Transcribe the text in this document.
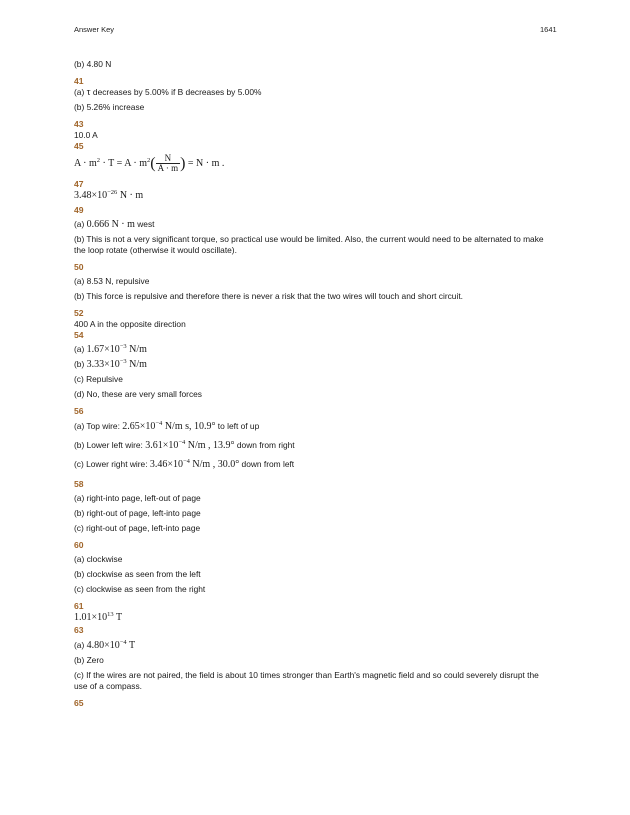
Answer Key	1641
(b) 4.80 N
41
(a) τ decreases by 5.00% if B decreases by 5.00%
(b) 5.26% increase
43
10.0 A
45
$A \cdot m^2 \cdot T = A \cdot m^2( \frac{N}{A \cdot m}$ ) = N · m .
47
$3.48\times 10^{-26}$ N · m
49
(a) 0.666 N · m west
(b) This is not a very significant torque, so practical use would be limited. Also, the current would need to be alternated to make the loop rotate (otherwise it would oscillate).
50
(a) 8.53 N, repulsive
(b) This force is repulsive and therefore there is never a risk that the two wires will touch and short circuit.
52
400 A in the opposite direction
54
(a) $1.67\times 10^{-3}$ N/m
(b) $3.33\times 10^{-3}$ N/m
(c) Repulsive
(d) No, these are very small forces
56
(a) Top wire: $2.65\times 10^{-4}$ N/m s, 10.9° to left of up
(b) Lower left wire: $3.61\times 10^{-4}$ N/m , 13.9° down from right
(c) Lower right wire: $3.46\times 10^{-4}$ N/m , 30.0° down from left
58
(a) right-into page, left-out of page
(b) right-out of page, left-into page
(c) right-out of page, left-into page
60
(a) clockwise
(b) clockwise as seen from the left
(c) clockwise as seen from the right
61
$1.01\times 10^{13}$ T
63
(a) $4.80\times 10^{-4}$ T
(b) Zero
(c) If the wires are not paired, the field is about 10 times stronger than Earth's magnetic field and so could severely disrupt the use of a compass.
65
